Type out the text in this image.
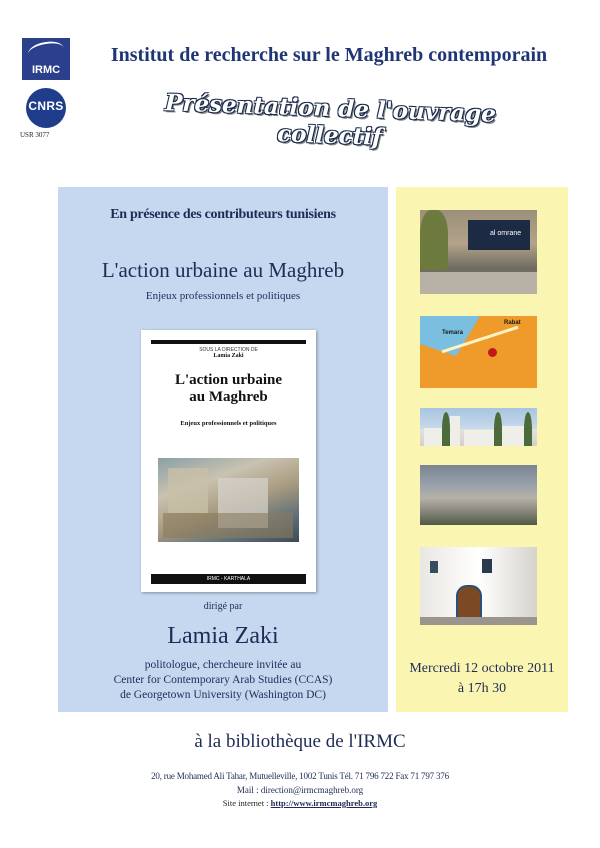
IRMC
CNRS
USR 3077
Institut de recherche sur le Maghreb contemporain
Présentation de l'ouvrage collectif
En présence des contributeurs tunisiens
L'action urbaine au Maghreb
Enjeux professionnels et politiques
SOUS LA DIRECTION DE
Lamia Zaki
L'action urbaine
au Maghreb
Enjeux professionnels et politiques
IRMC - KARTHALA
dirigé par
Lamia Zaki
politologue, chercheure invitée au
Center for Contemporary Arab Studies (CCAS)
de Georgetown University (Washington DC)
al omrane
Rabat
Temara
Mercredi 12 octobre 2011
à 17h 30
à la bibliothèque de l'IRMC
20, rue Mohamed Ali Tahar, Mutuelleville, 1002 Tunis Tél. 71 796 722 Fax 71 797 376
Mail : direction@irmcmaghreb.org
Site internet : http://www.irmcmaghreb.org
